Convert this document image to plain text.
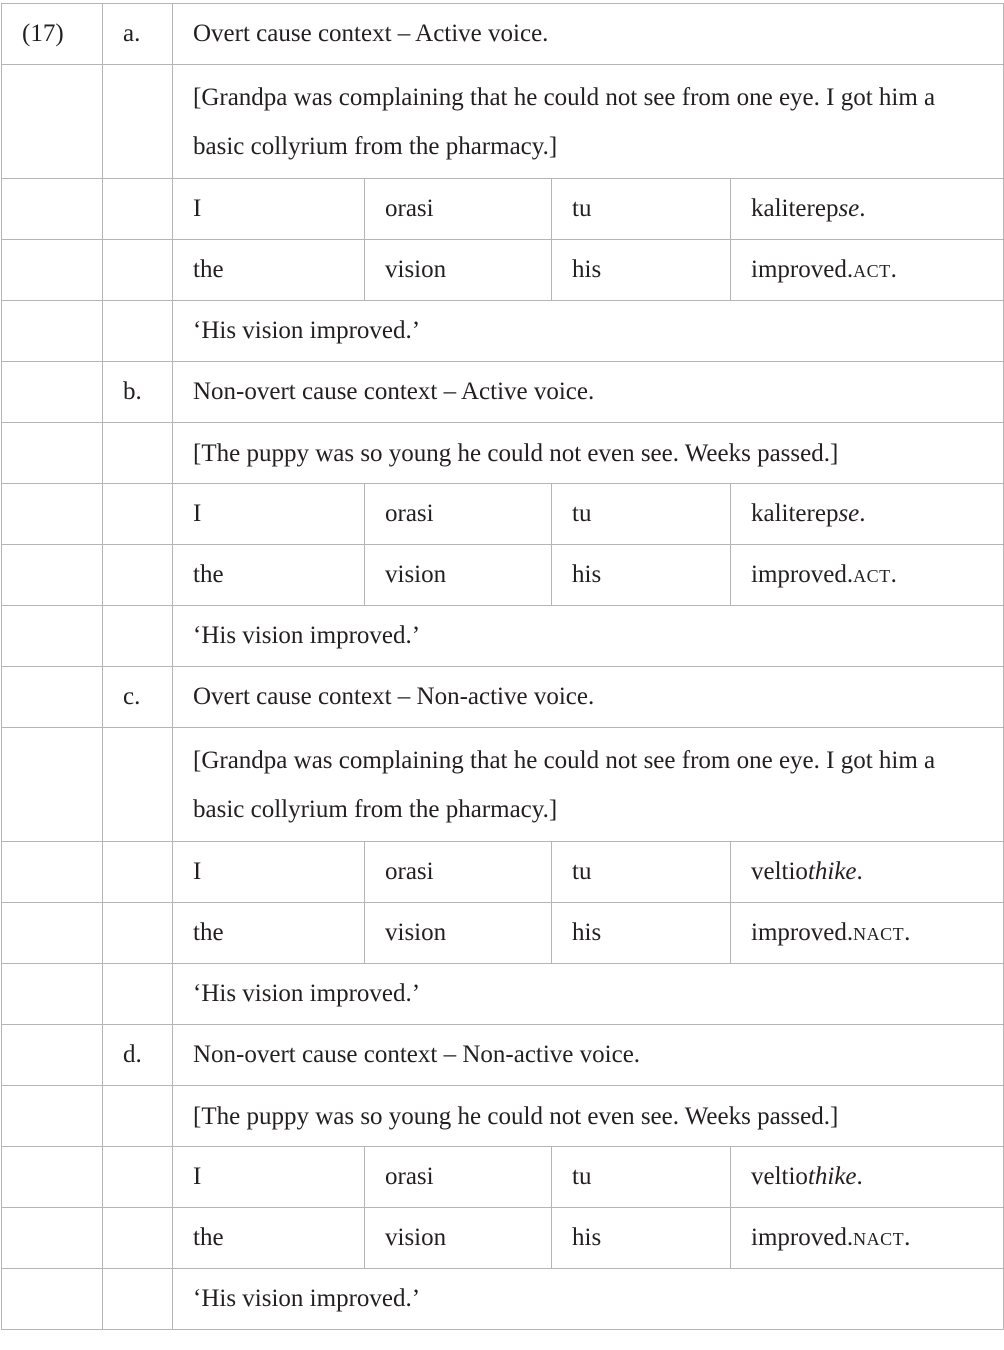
(17)	a.	Overt cause context – Active voice.			
		[Grandpa was complaining that he could not see from one eye. I got him a basic collyrium from the pharmacy.]			
		I	orasi	tu	kaliterepse.
		the	vision	his	improved.act.
		‘His vision improved.’			
	b.	Non-overt cause context – Active voice.			
		[The puppy was so young he could not even see. Weeks passed.]			
		I	orasi	tu	kaliterepse.
		the	vision	his	improved.act.
		‘His vision improved.’			
	c.	Overt cause context – Non-active voice.			
		[Grandpa was complaining that he could not see from one eye. I got him a basic collyrium from the pharmacy.]			
		I	orasi	tu	veltiothike.
		the	vision	his	improved.nact.
		‘His vision improved.’			
	d.	Non-overt cause context – Non-active voice.			
		[The puppy was so young he could not even see. Weeks passed.]			
		I	orasi	tu	veltiothike.
		the	vision	his	improved.nact.
		‘His vision improved.’			
